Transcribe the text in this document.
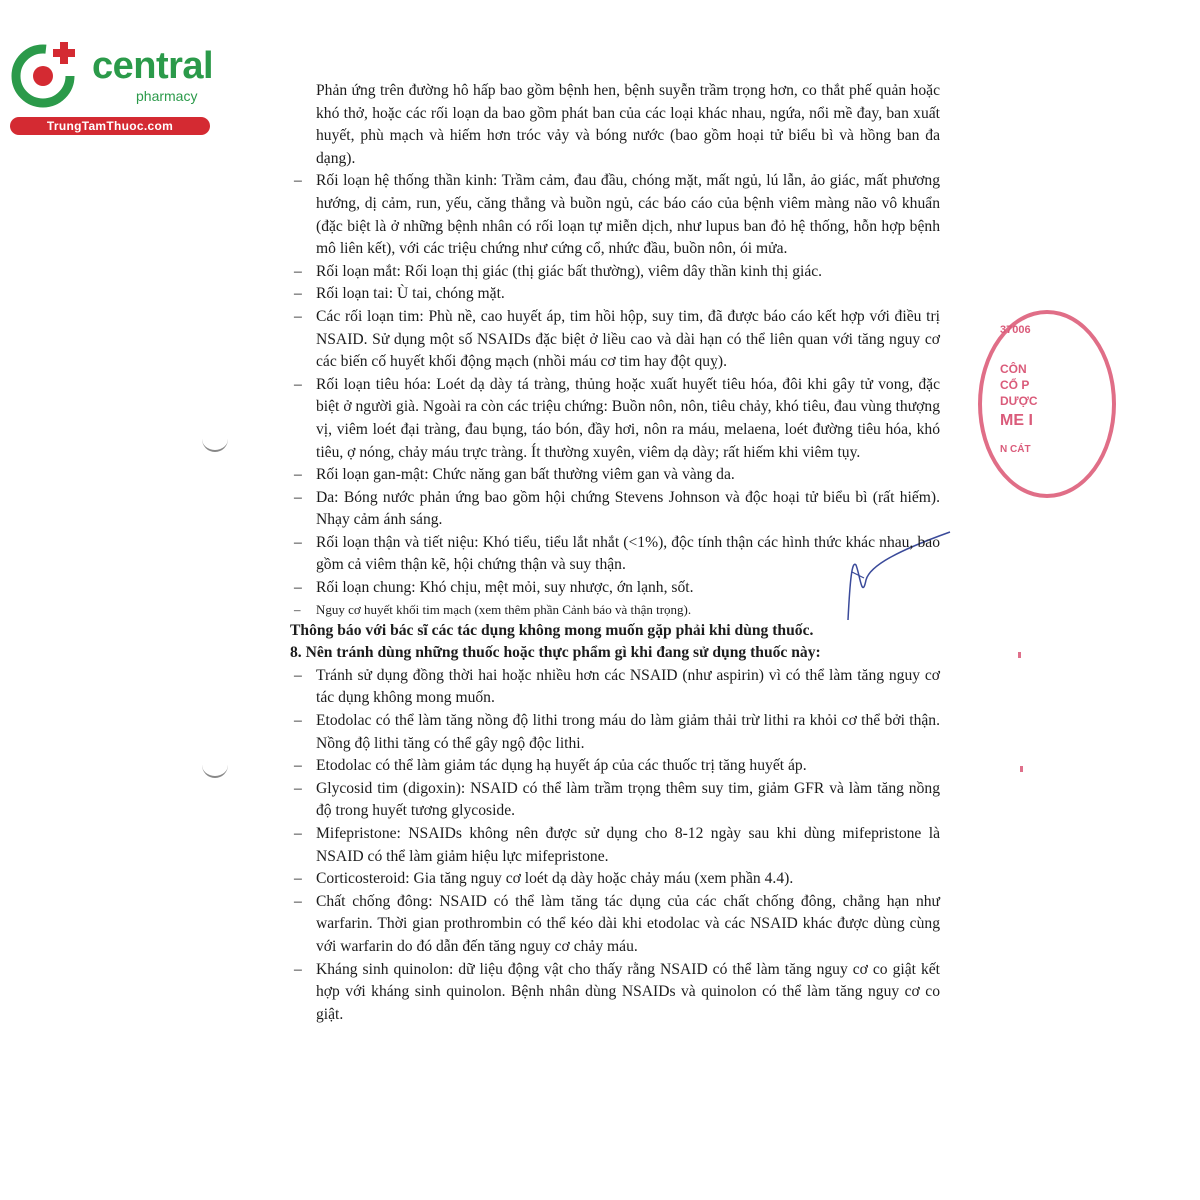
central
pharmacy
TrungTamThuoc.com
37006
CÔN
CỔ P
DƯỢC
ME I
N CÁT

Phản ứng trên đường hô hấp bao gồm bệnh hen, bệnh suyễn trầm trọng hơn, co thắt phế quản hoặc khó thở, hoặc các rối loạn da bao gồm phát ban của các loại khác nhau, ngứa, nổi mề đay, ban xuất huyết, phù mạch và hiếm hơn tróc vảy và bóng nước (bao gồm hoại tử biểu bì và hồng ban đa dạng).

– Rối loạn hệ thống thần kinh: Trầm cảm, đau đầu, chóng mặt, mất ngủ, lú lẫn, ảo giác, mất phương hướng, dị cảm, run, yếu, căng thẳng và buồn ngủ, các báo cáo của bệnh viêm màng não vô khuẩn (đặc biệt là ở những bệnh nhân có rối loạn tự miễn dịch, như lupus ban đỏ hệ thống, hỗn hợp bệnh mô liên kết), với các triệu chứng như cứng cổ, nhức đầu, buồn nôn, ói mửa.
– Rối loạn mắt: Rối loạn thị giác (thị giác bất thường), viêm dây thần kinh thị giác.
– Rối loạn tai: Ù tai, chóng mặt.
– Các rối loạn tim: Phù nề, cao huyết áp, tim hồi hộp, suy tim, đã được báo cáo kết hợp với điều trị NSAID. Sử dụng một số NSAIDs đặc biệt ở liều cao và dài hạn có thể liên quan với tăng nguy cơ các biến cố huyết khối động mạch (nhồi máu cơ tim hay đột quỵ).
– Rối loạn tiêu hóa: Loét dạ dày tá tràng, thủng hoặc xuất huyết tiêu hóa, đôi khi gây tử vong, đặc biệt ở người già. Ngoài ra còn các triệu chứng: Buồn nôn, nôn, tiêu chảy, khó tiêu, đau vùng thượng vị, viêm loét đại tràng, đau bụng, táo bón, đầy hơi, nôn ra máu, melaena, loét đường tiêu hóa, khó tiêu, ợ nóng, chảy máu trực tràng. Ít thường xuyên, viêm dạ dày; rất hiếm khi viêm tụy.
– Rối loạn gan-mật: Chức năng gan bất thường viêm gan và vàng da.
– Da: Bóng nước phản ứng bao gồm hội chứng Stevens Johnson và độc hoại tử biểu bì (rất hiếm). Nhạy cảm ánh sáng.
– Rối loạn thận và tiết niệu: Khó tiểu, tiểu lắt nhắt (<1%), độc tính thận các hình thức khác nhau, bao gồm cả viêm thận kẽ, hội chứng thận và suy thận.
– Rối loạn chung: Khó chịu, mệt mỏi, suy nhược, ớn lạnh, sốt.
– Nguy cơ huyết khối tim mạch (xem thêm phần Cảnh báo và thận trọng).

Thông báo với bác sĩ các tác dụng không mong muốn gặp phải khi dùng thuốc.

8. Nên tránh dùng những thuốc hoặc thực phẩm gì khi đang sử dụng thuốc này:

– Tránh sử dụng đồng thời hai hoặc nhiều hơn các NSAID (như aspirin) vì có thể làm tăng nguy cơ tác dụng không mong muốn.
– Etodolac có thể làm tăng nồng độ lithi trong máu do làm giảm thải trừ lithi ra khỏi cơ thể bởi thận. Nồng độ lithi tăng có thể gây ngộ độc lithi.
– Etodolac có thể làm giảm tác dụng hạ huyết áp của các thuốc trị tăng huyết áp.
– Glycosid tim (digoxin): NSAID có thể làm trầm trọng thêm suy tim, giảm GFR và làm tăng nồng độ trong huyết tương glycoside.
– Mifepristone: NSAIDs không nên được sử dụng cho 8-12 ngày sau khi dùng mifepristone là NSAID có thể làm giảm hiệu lực mifepristone.
– Corticosteroid: Gia tăng nguy cơ loét dạ dày hoặc chảy máu (xem phần 4.4).
– Chất chống đông: NSAID có thể làm tăng tác dụng của các chất chống đông, chẳng hạn như warfarin. Thời gian prothrombin có thể kéo dài khi etodolac và các NSAID khác được dùng cùng với warfarin do đó dẫn đến tăng nguy cơ chảy máu.
– Kháng sinh quinolon: dữ liệu động vật cho thấy rằng NSAID có thể làm tăng nguy cơ co giật kết hợp với kháng sinh quinolon. Bệnh nhân dùng NSAIDs và quinolon có thể làm tăng nguy cơ co giật.
